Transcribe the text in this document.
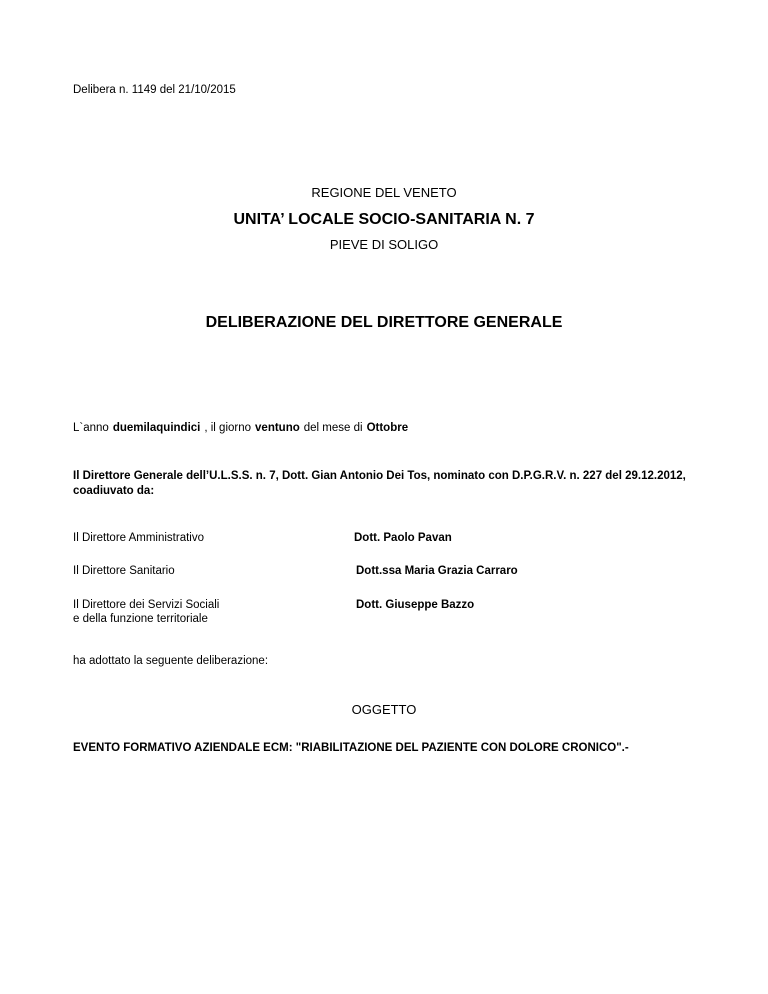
Delibera n. 1149 del 21/10/2015
REGIONE DEL VENETO
UNITA’ LOCALE SOCIO-SANITARIA N. 7
PIEVE DI SOLIGO
DELIBERAZIONE DEL DIRETTORE GENERALE
L`anno duemilaquindici , il giorno ventuno del mese di Ottobre
Il Direttore Generale dell’U.L.S.S. n. 7, Dott. Gian Antonio Dei Tos, nominato con D.P.G.R.V. n. 227 del 29.12.2012, coadiuvato da:
Il Direttore Amministrativo	Dott. Paolo Pavan
Il Direttore Sanitario	Dott.ssa Maria Grazia Carraro
Il Direttore dei Servizi Sociali
e della funzione territoriale
Dott. Giuseppe Bazzo
ha adottato la seguente deliberazione:
OGGETTO
EVENTO FORMATIVO AZIENDALE ECM: "RIABILITAZIONE DEL PAZIENTE CON DOLORE CRONICO".-
